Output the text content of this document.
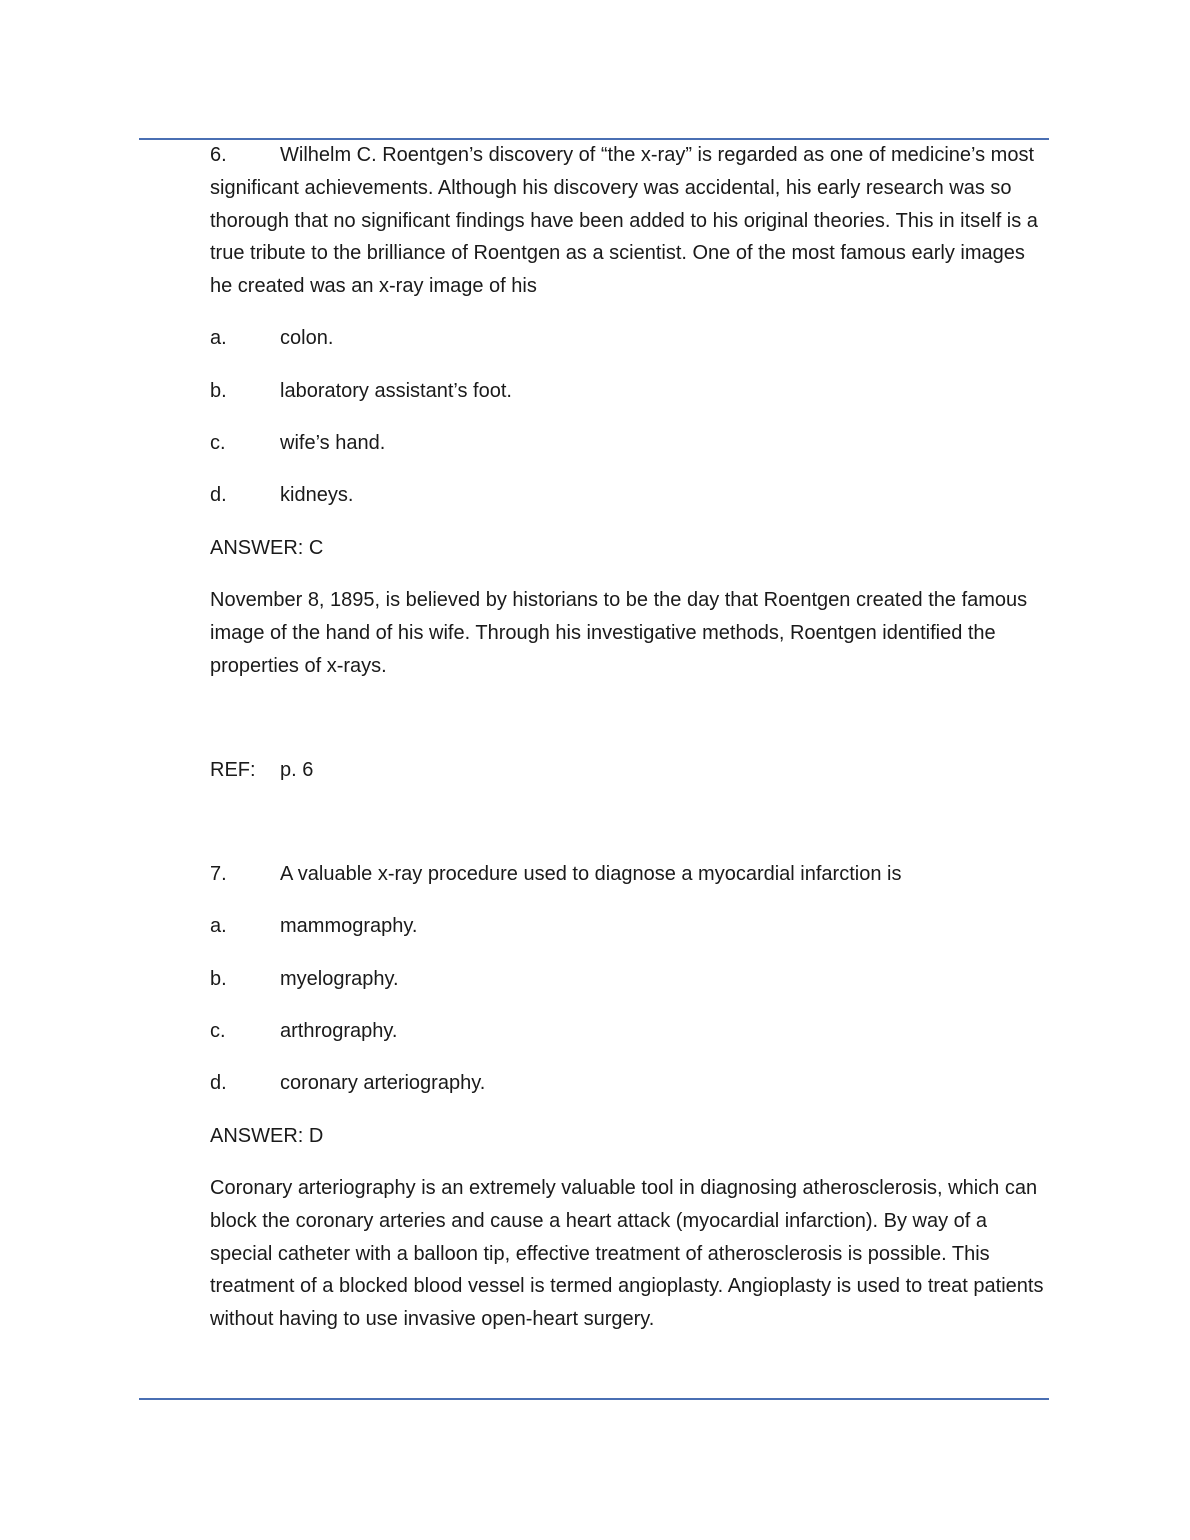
6.	Wilhelm C. Roentgen’s discovery of “the x-ray” is regarded as one of medicine’s most significant achievements. Although his discovery was accidental, his early research was so thorough that no significant findings have been added to his original theories. This in itself is a true tribute to the brilliance of Roentgen as a scientist. One of the most famous early images he created was an x-ray image of his
a.	colon.
b.	laboratory assistant’s foot.
c.	wife’s hand.
d.	kidneys.
ANSWER: C
November 8, 1895, is believed by historians to be the day that Roentgen created the famous image of the hand of his wife. Through his investigative methods, Roentgen identified the properties of x-rays.
REF:	p. 6
7.	A valuable x-ray procedure used to diagnose a myocardial infarction is
a.	mammography.
b.	myelography.
c.	arthrography.
d.	coronary arteriography.
ANSWER: D
Coronary arteriography is an extremely valuable tool in diagnosing atherosclerosis, which can block the coronary arteries and cause a heart attack (myocardial infarction). By way of a special catheter with a balloon tip, effective treatment of atherosclerosis is possible. This treatment of a blocked blood vessel is termed angioplasty. Angioplasty is used to treat patients without having to use invasive open-heart surgery.
